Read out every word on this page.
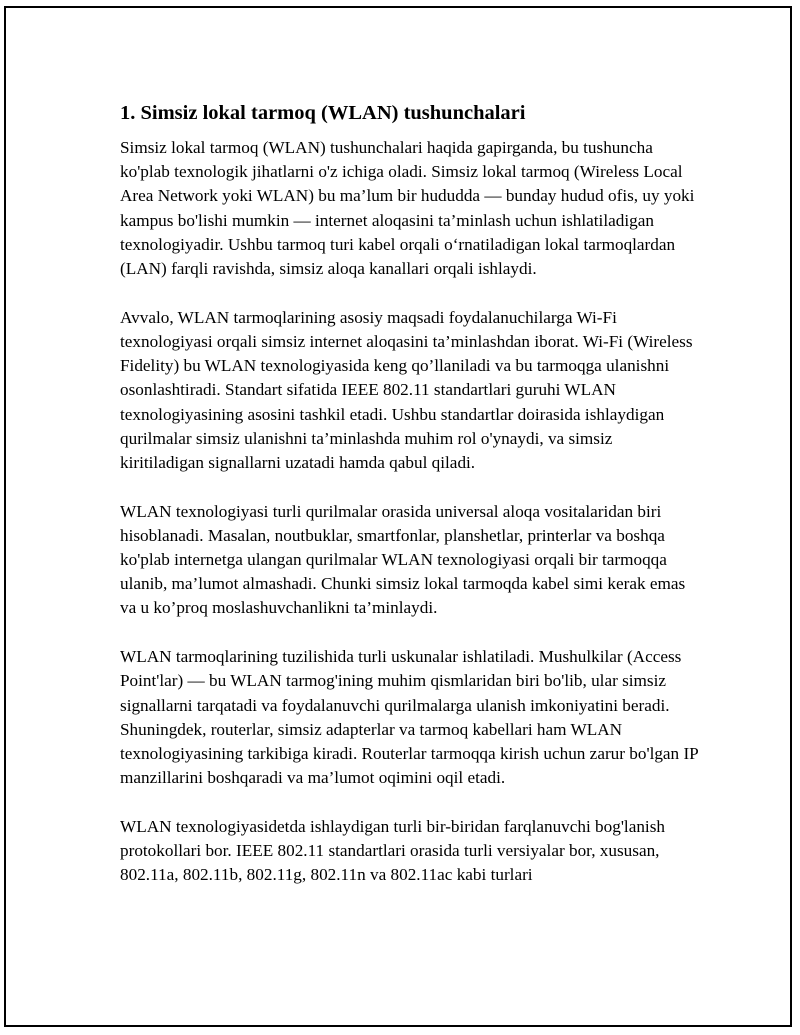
1. Simsiz lokal tarmoq (WLAN) tushunchalari

Simsiz lokal tarmoq (WLAN) tushunchalari haqida gapirganda, bu tushuncha ko'plab texnologik jihatlarni o'z ichiga oladi. Simsiz lokal tarmoq (Wireless Local Area Network yoki WLAN) bu ma’lum bir hududda — bunday hudud ofis, uy yoki kampus bo'lishi mumkin — internet aloqasini ta’minlash uchun ishlatiladigan texnologiyadir. Ushbu tarmoq turi kabel orqali o‘rnatiladigan lokal tarmoqlardan (LAN) farqli ravishda, simsiz aloqa kanallari orqali ishlaydi.

Avvalo, WLAN tarmoqlarining asosiy maqsadi foydalanuchilarga Wi-Fi texnologiyasi orqali simsiz internet aloqasini ta’minlashdan iborat. Wi-Fi (Wireless Fidelity) bu WLAN texnologiyasida keng qo’llaniladi va bu tarmoqga ulanishni osonlashtiradi. Standart sifatida IEEE 802.11 standartlari guruhi WLAN texnologiyasining asosini tashkil etadi. Ushbu standartlar doirasida ishlaydigan qurilmalar simsiz ulanishni ta’minlashda muhim rol o'ynaydi, va simsiz kiritiladigan signallarni uzatadi hamda qabul qiladi.

WLAN texnologiyasi turli qurilmalar orasida universal aloqa vositalaridan biri hisoblanadi. Masalan, noutbuklar, smartfonlar, planshetlar, printerlar va boshqa ko'plab internetga ulangan qurilmalar WLAN texnologiyasi orqali bir tarmoqqa ulanib, ma’lumot almashadi. Chunki simsiz lokal tarmoqda kabel simi kerak emas va u ko’proq moslashuvchanlikni ta’minlaydi.

WLAN tarmoqlarining tuzilishida turli uskunalar ishlatiladi. Mushulkilar (Access Point'lar) — bu WLAN tarmog'ining muhim qismlaridan biri bo'lib, ular simsiz signallarni tarqatadi va foydalanuvchi qurilmalarga ulanish imkoniyatini beradi. Shuningdek, routerlar, simsiz adapterlar va tarmoq kabellari ham WLAN texnologiyasining tarkibiga kiradi. Routerlar tarmoqqa kirish uchun zarur bo'lgan IP manzillarini boshqaradi va ma’lumot oqimini oqil etadi.

WLAN texnologiyasidetda ishlaydigan turli bir-biridan farqlanuvchi bog'lanish protokollari bor. IEEE 802.11 standartlari orasida turli versiyalar bor, xususan, 802.11a, 802.11b, 802.11g, 802.11n va 802.11ac kabi turlari
